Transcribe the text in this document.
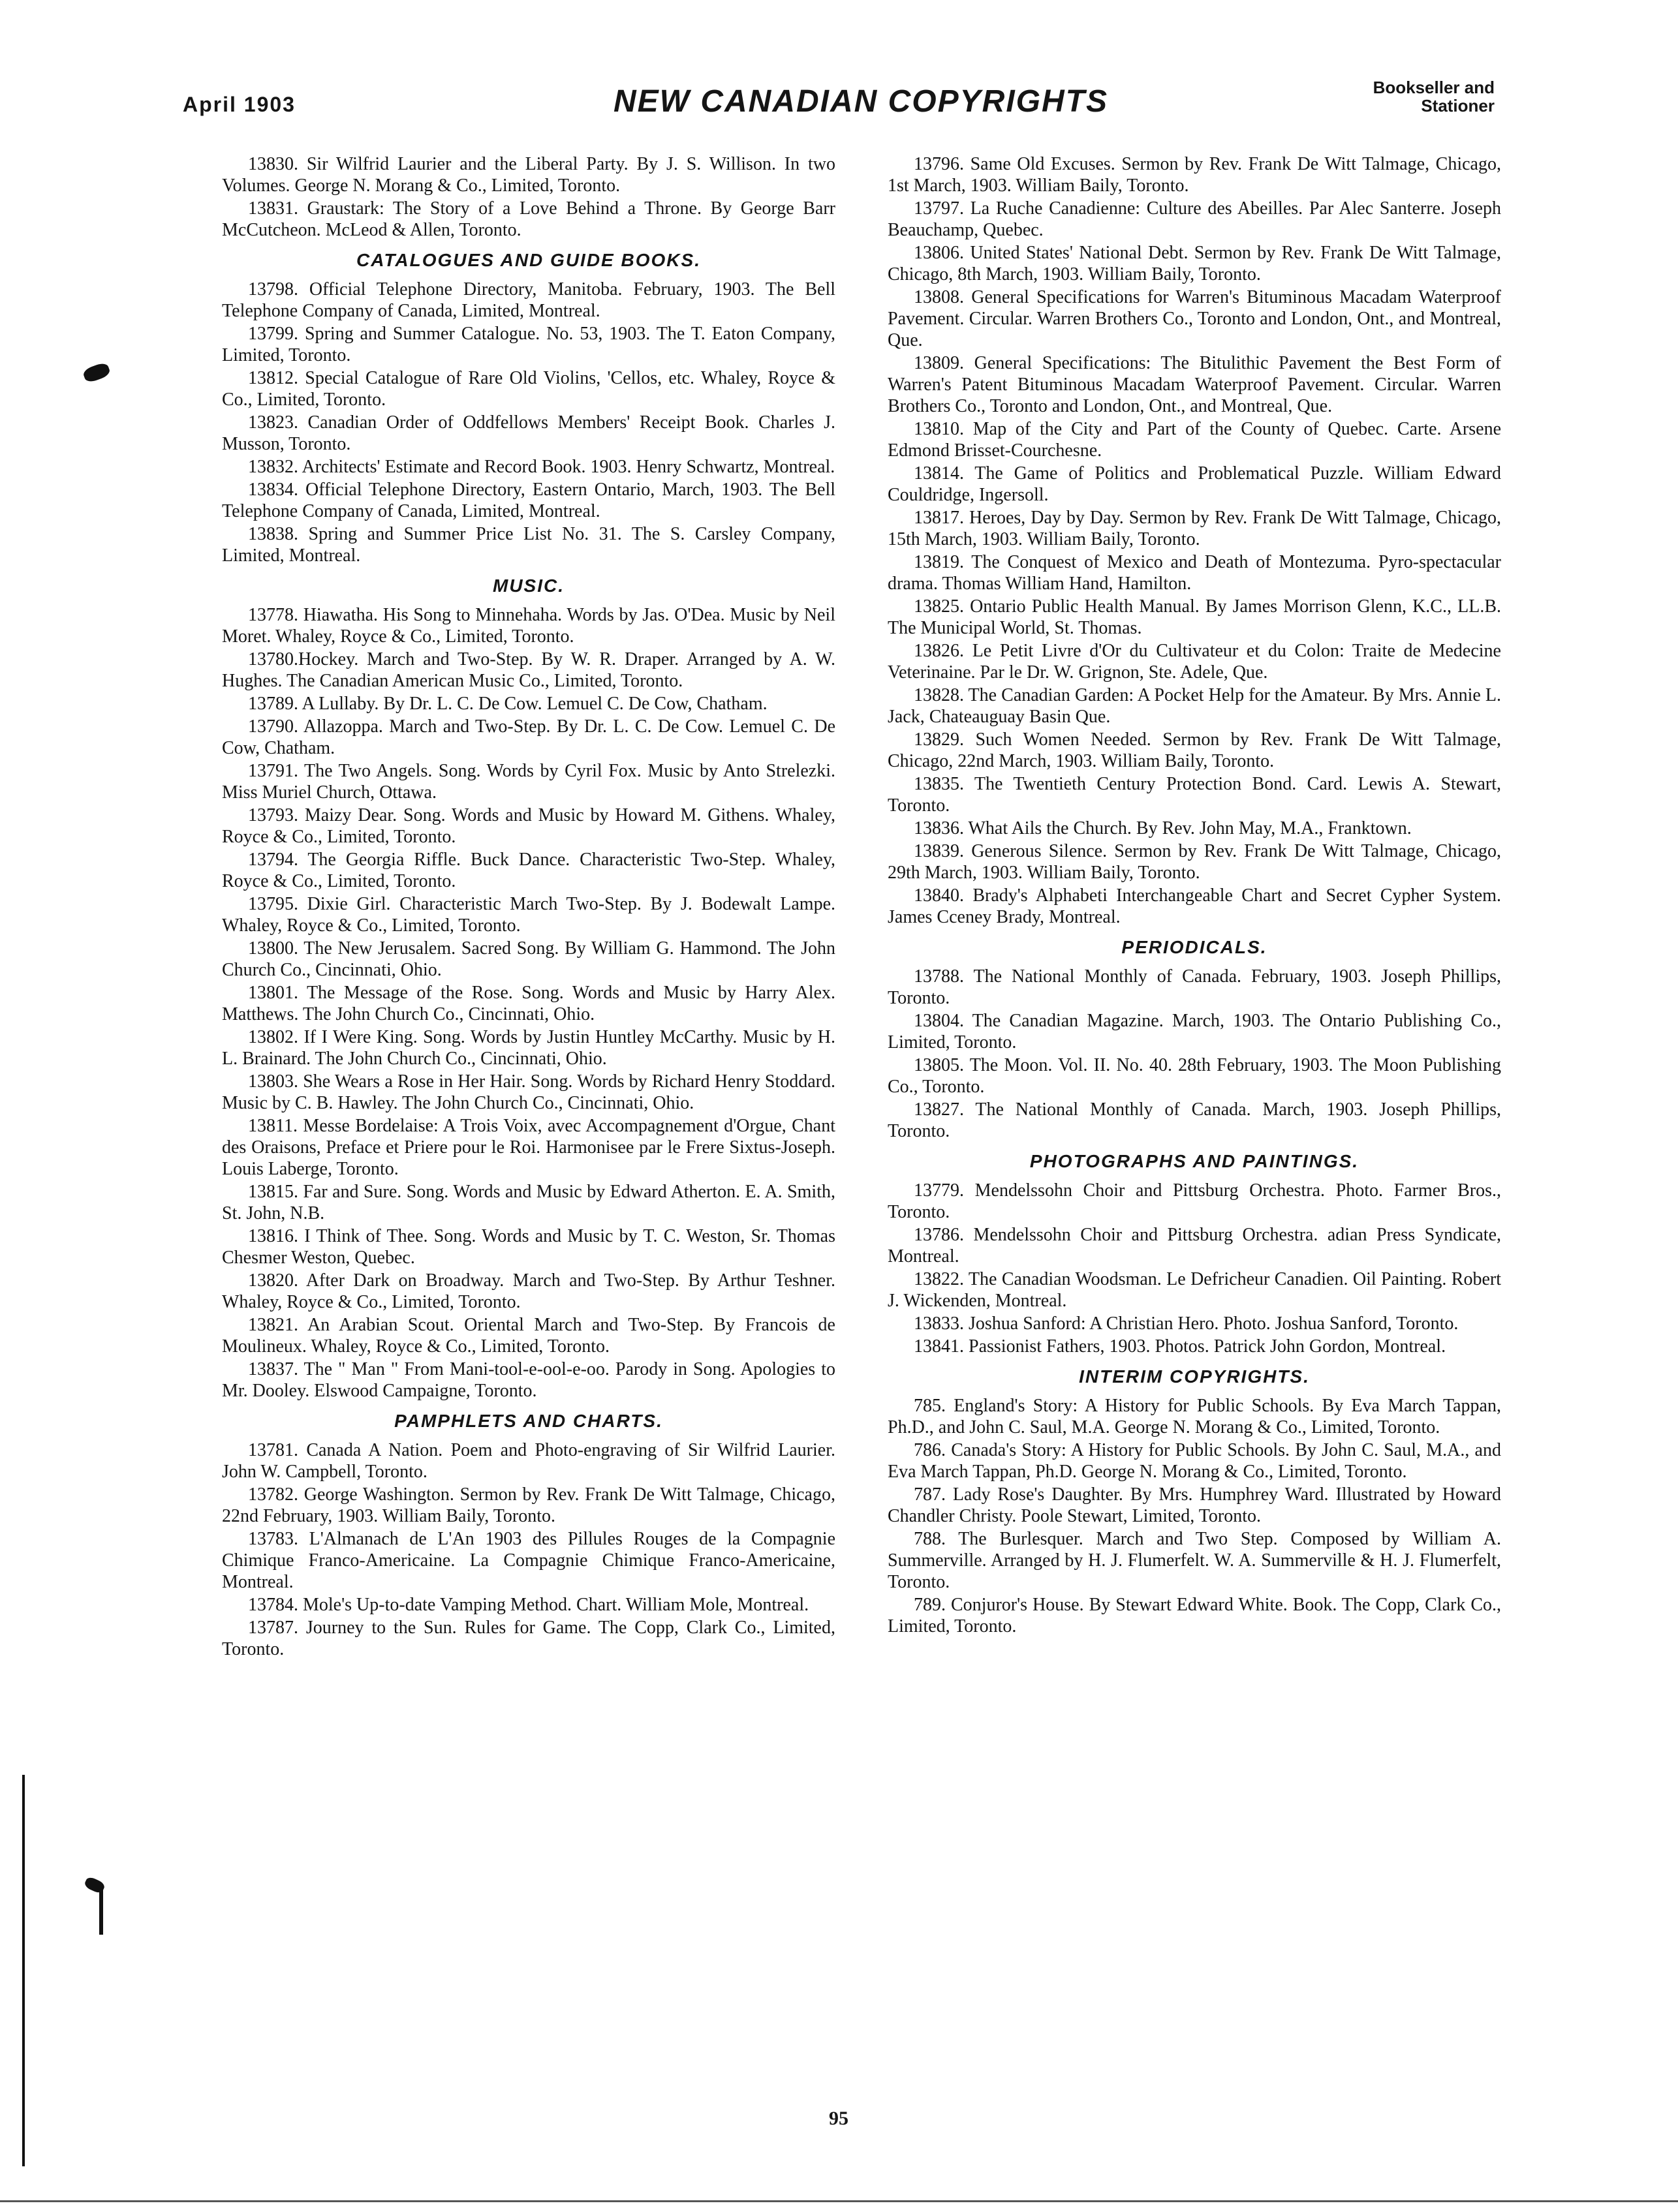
April 1903	NEW CANADIAN COPYRIGHTS	Bookseller and
Stationer

13830. Sir Wilfrid Laurier and the Liberal Party. By J. S. Willison. In two Volumes. George N. Morang & Co., Limited, Toronto.

13831. Graustark: The Story of a Love Behind a Throne. By George Barr McCutcheon. McLeod & Allen, Toronto.

CATALOGUES AND GUIDE BOOKS.

13798. Official Telephone Directory, Manitoba. February, 1903. The Bell Telephone Company of Canada, Limited, Montreal.

13799. Spring and Summer Catalogue. No. 53, 1903. The T. Eaton Company, Limited, Toronto.

13812. Special Catalogue of Rare Old Violins, 'Cellos, etc. Whaley, Royce & Co., Limited, Toronto.

13823. Canadian Order of Oddfellows Members' Receipt Book. Charles J. Musson, Toronto.

13832. Architects' Estimate and Record Book. 1903. Henry Schwartz, Montreal.

13834. Official Telephone Directory, Eastern Ontario, March, 1903. The Bell Telephone Company of Canada, Limited, Montreal.

13838. Spring and Summer Price List No. 31. The S. Carsley Company, Limited, Montreal.

MUSIC.

13778. Hiawatha. His Song to Minnehaha. Words by Jas. O'Dea. Music by Neil Moret. Whaley, Royce & Co., Limited, Toronto.

13780.Hockey. March and Two-Step. By W. R. Draper. Arranged by A. W. Hughes. The Canadian American Music Co., Limited, Toronto.

13789. A Lullaby. By Dr. L. C. De Cow. Lemuel C. De Cow, Chatham.

13790. Allazoppa. March and Two-Step. By Dr. L. C. De Cow. Lemuel C. De Cow, Chatham.

13791. The Two Angels. Song. Words by Cyril Fox. Music by Anto Strelezki. Miss Muriel Church, Ottawa.

13793. Maizy Dear. Song. Words and Music by Howard M. Githens. Whaley, Royce & Co., Limited, Toronto.

13794. The Georgia Riffle. Buck Dance. Characteristic Two-Step. Whaley, Royce & Co., Limited, Toronto.

13795. Dixie Girl. Characteristic March Two-Step. By J. Bodewalt Lampe. Whaley, Royce & Co., Limited, Toronto.

13800. The New Jerusalem. Sacred Song. By William G. Hammond. The John Church Co., Cincinnati, Ohio.

13801. The Message of the Rose. Song. Words and Music by Harry Alex. Matthews. The John Church Co., Cincinnati, Ohio.

13802. If I Were King. Song. Words by Justin Huntley McCarthy. Music by H. L. Brainard. The John Church Co., Cincinnati, Ohio.

13803. She Wears a Rose in Her Hair. Song. Words by Richard Henry Stoddard. Music by C. B. Hawley. The John Church Co., Cincinnati, Ohio.

13811. Messe Bordelaise: A Trois Voix, avec Accompagnement d'Orgue, Chant des Oraisons, Preface et Priere pour le Roi. Harmonisee par le Frere Sixtus-Joseph. Louis Laberge, Toronto.

13815. Far and Sure. Song. Words and Music by Edward Atherton. E. A. Smith, St. John, N.B.

13816. I Think of Thee. Song. Words and Music by T. C. Weston, Sr. Thomas Chesmer Weston, Quebec.

13820. After Dark on Broadway. March and Two-Step. By Arthur Teshner. Whaley, Royce & Co., Limited, Toronto.

13821. An Arabian Scout. Oriental March and Two-Step. By Francois de Moulineux. Whaley, Royce & Co., Limited, Toronto.

13837. The " Man " From Mani-tool-e-ool-e-oo. Parody in Song. Apologies to Mr. Dooley. Elswood Campaigne, Toronto.

PAMPHLETS AND CHARTS.

13781. Canada A Nation. Poem and Photo-engraving of Sir Wilfrid Laurier. John W. Campbell, Toronto.

13782. George Washington. Sermon by Rev. Frank De Witt Talmage, Chicago, 22nd February, 1903. William Baily, Toronto.

13783. L'Almanach de L'An 1903 des Pillules Rouges de la Compagnie Chimique Franco-Americaine. La Compagnie Chimique Franco-Americaine, Montreal.

13784. Mole's Up-to-date Vamping Method. Chart. William Mole, Montreal.

13787. Journey to the Sun. Rules for Game. The Copp, Clark Co., Limited, Toronto.

13796. Same Old Excuses. Sermon by Rev. Frank De Witt Talmage, Chicago, 1st March, 1903. William Baily, Toronto.

13797. La Ruche Canadienne: Culture des Abeilles. Par Alec Santerre. Joseph Beauchamp, Quebec.

13806. United States' National Debt. Sermon by Rev. Frank De Witt Talmage, Chicago, 8th March, 1903. William Baily, Toronto.

13808. General Specifications for Warren's Bituminous Macadam Waterproof Pavement. Circular. Warren Brothers Co., Toronto and London, Ont., and Montreal, Que.

13809. General Specifications: The Bitulithic Pavement the Best Form of Warren's Patent Bituminous Macadam Waterproof Pavement. Circular. Warren Brothers Co., Toronto and London, Ont., and Montreal, Que.

13810. Map of the City and Part of the County of Quebec. Carte. Arsene Edmond Brisset-Courchesne.

13814. The Game of Politics and Problematical Puzzle. William Edward Couldridge, Ingersoll.

13817. Heroes, Day by Day. Sermon by Rev. Frank De Witt Talmage, Chicago, 15th March, 1903. William Baily, Toronto.

13819. The Conquest of Mexico and Death of Montezuma. Pyro-spectacular drama. Thomas William Hand, Hamilton.

13825. Ontario Public Health Manual. By James Morrison Glenn, K.C., LL.B. The Municipal World, St. Thomas.

13826. Le Petit Livre d'Or du Cultivateur et du Colon: Traite de Medecine Veterinaine. Par le Dr. W. Grignon, Ste. Adele, Que.

13828. The Canadian Garden: A Pocket Help for the Amateur. By Mrs. Annie L. Jack, Chateauguay Basin Que.

13829. Such Women Needed. Sermon by Rev. Frank De Witt Talmage, Chicago, 22nd March, 1903. William Baily, Toronto.

13835. The Twentieth Century Protection Bond. Card. Lewis A. Stewart, Toronto.

13836. What Ails the Church. By Rev. John May, M.A., Franktown.

13839. Generous Silence. Sermon by Rev. Frank De Witt Talmage, Chicago, 29th March, 1903. William Baily, Toronto.

13840. Brady's Alphabeti Interchangeable Chart and Secret Cypher System. James Cceney Brady, Montreal.

PERIODICALS.

13788. The National Monthly of Canada. February, 1903. Joseph Phillips, Toronto.

13804. The Canadian Magazine. March, 1903. The Ontario Publishing Co., Limited, Toronto.

13805. The Moon. Vol. II. No. 40. 28th February, 1903. The Moon Publishing Co., Toronto.

13827. The National Monthly of Canada. March, 1903. Joseph Phillips, Toronto.

PHOTOGRAPHS AND PAINTINGS.

13779. Mendelssohn Choir and Pittsburg Orchestra. Photo. Farmer Bros., Toronto.

13786. Mendelssohn Choir and Pittsburg Orchestra. adian Press Syndicate, Montreal.

13822. The Canadian Woodsman. Le Defricheur Canadien. Oil Painting. Robert J. Wickenden, Montreal.

13833. Joshua Sanford: A Christian Hero. Photo. Joshua Sanford, Toronto.

13841. Passionist Fathers, 1903. Photos. Patrick John Gordon, Montreal.

INTERIM COPYRIGHTS.

785. England's Story: A History for Public Schools. By Eva March Tappan, Ph.D., and John C. Saul, M.A. George N. Morang & Co., Limited, Toronto.

786. Canada's Story: A History for Public Schools. By John C. Saul, M.A., and Eva March Tappan, Ph.D. George N. Morang & Co., Limited, Toronto.

787. Lady Rose's Daughter. By Mrs. Humphrey Ward. Illustrated by Howard Chandler Christy. Poole Stewart, Limited, Toronto.

788. The Burlesquer. March and Two Step. Composed by William A. Summerville. Arranged by H. J. Flumerfelt. W. A. Summerville & H. J. Flumerfelt, Toronto.

789. Conjuror's House. By Stewart Edward White. Book. The Copp, Clark Co., Limited, Toronto.

95
